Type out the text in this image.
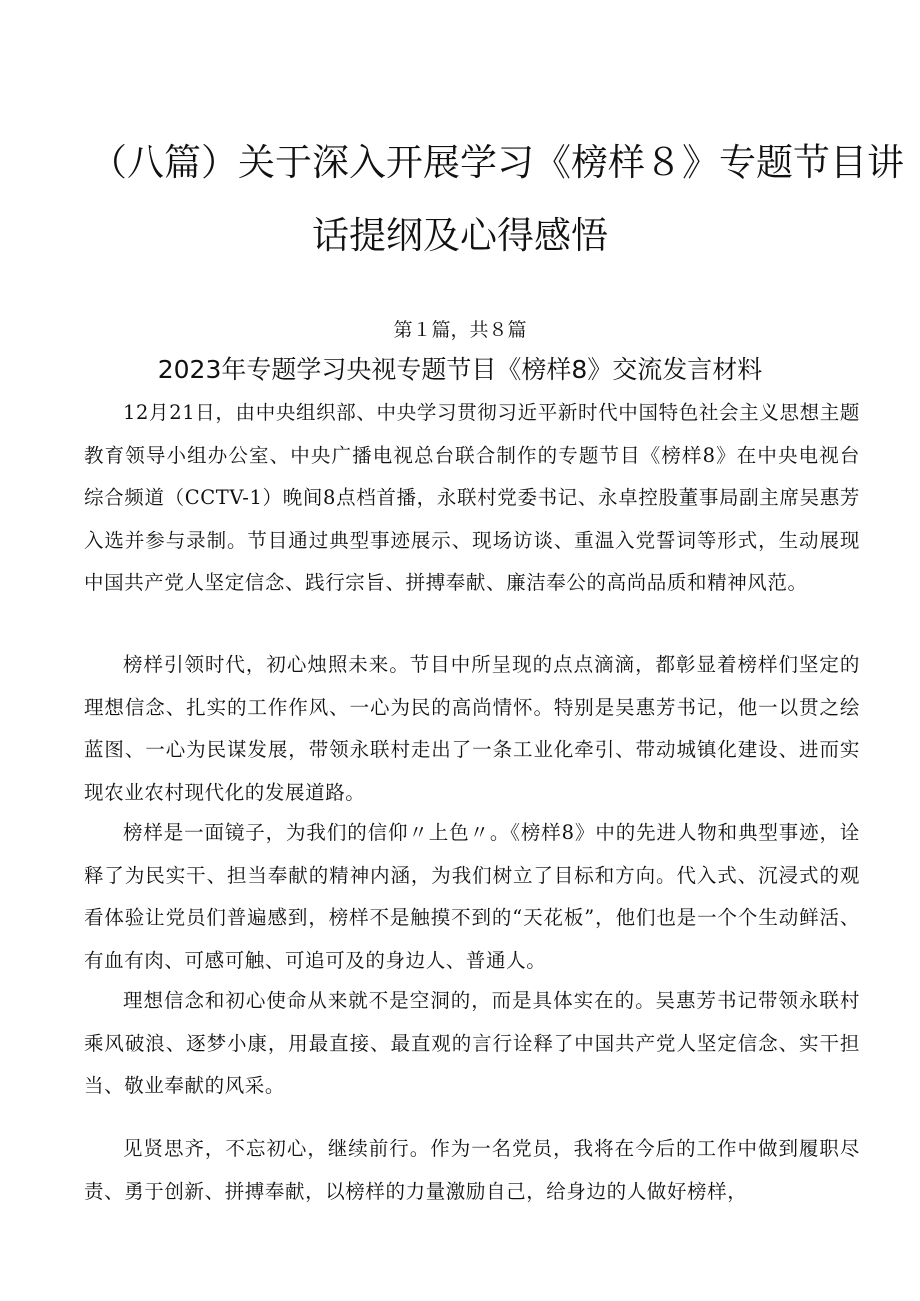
（八篇）关于深入开展学习《榜样８》专题节目讲
话提纲及心得感悟

第１篇，共８篇

2023年专题学习央视专题节目《榜样8》交流发言材料

12月21日，由中央组织部、中央学习贯彻习近平新时代中国特色社会主义思想主题教育领导小组办公室、中央广播电视总台联合制作的专题节目《榜样8》在中央电视台综合频道（CCTV-1）晚间8点档首播，永联村党委书记、永卓控股董事局副主席吴惠芳入选并参与录制。节目通过典型事迹展示、现场访谈、重温入党誓词等形式，生动展现中国共产党人坚定信念、践行宗旨、拼搏奉献、廉洁奉公的高尚品质和精神风范。

榜样引领时代，初心烛照未来。节目中所呈现的点点滴滴，都彰显着榜样们坚定的理想信念、扎实的工作作风、一心为民的高尚情怀。特别是吴惠芳书记，他一以贯之绘蓝图、一心为民谋发展，带领永联村走出了一条工业化牵引、带动城镇化建设、进而实现农业农村现代化的发展道路。

榜样是一面镜子，为我们的信仰〃上色〃。《榜样8》中的先进人物和典型事迹，诠释了为民实干、担当奉献的精神内涵，为我们树立了目标和方向。代入式、沉浸式的观看体验让党员们普遍感到，榜样不是触摸不到的“天花板”，他们也是一个个生动鲜活、有血有肉、可感可触、可追可及的身边人、普通人。

理想信念和初心使命从来就不是空洞的，而是具体实在的。吴惠芳书记带领永联村乘风破浪、逐梦小康，用最直接、最直观的言行诠释了中国共产党人坚定信念、实干担当、敬业奉献的风采。

见贤思齐，不忘初心，继续前行。作为一名党员，我将在今后的工作中做到履职尽责、勇于创新、拼搏奉献，以榜样的力量激励自己，给身边的人做好榜样，
